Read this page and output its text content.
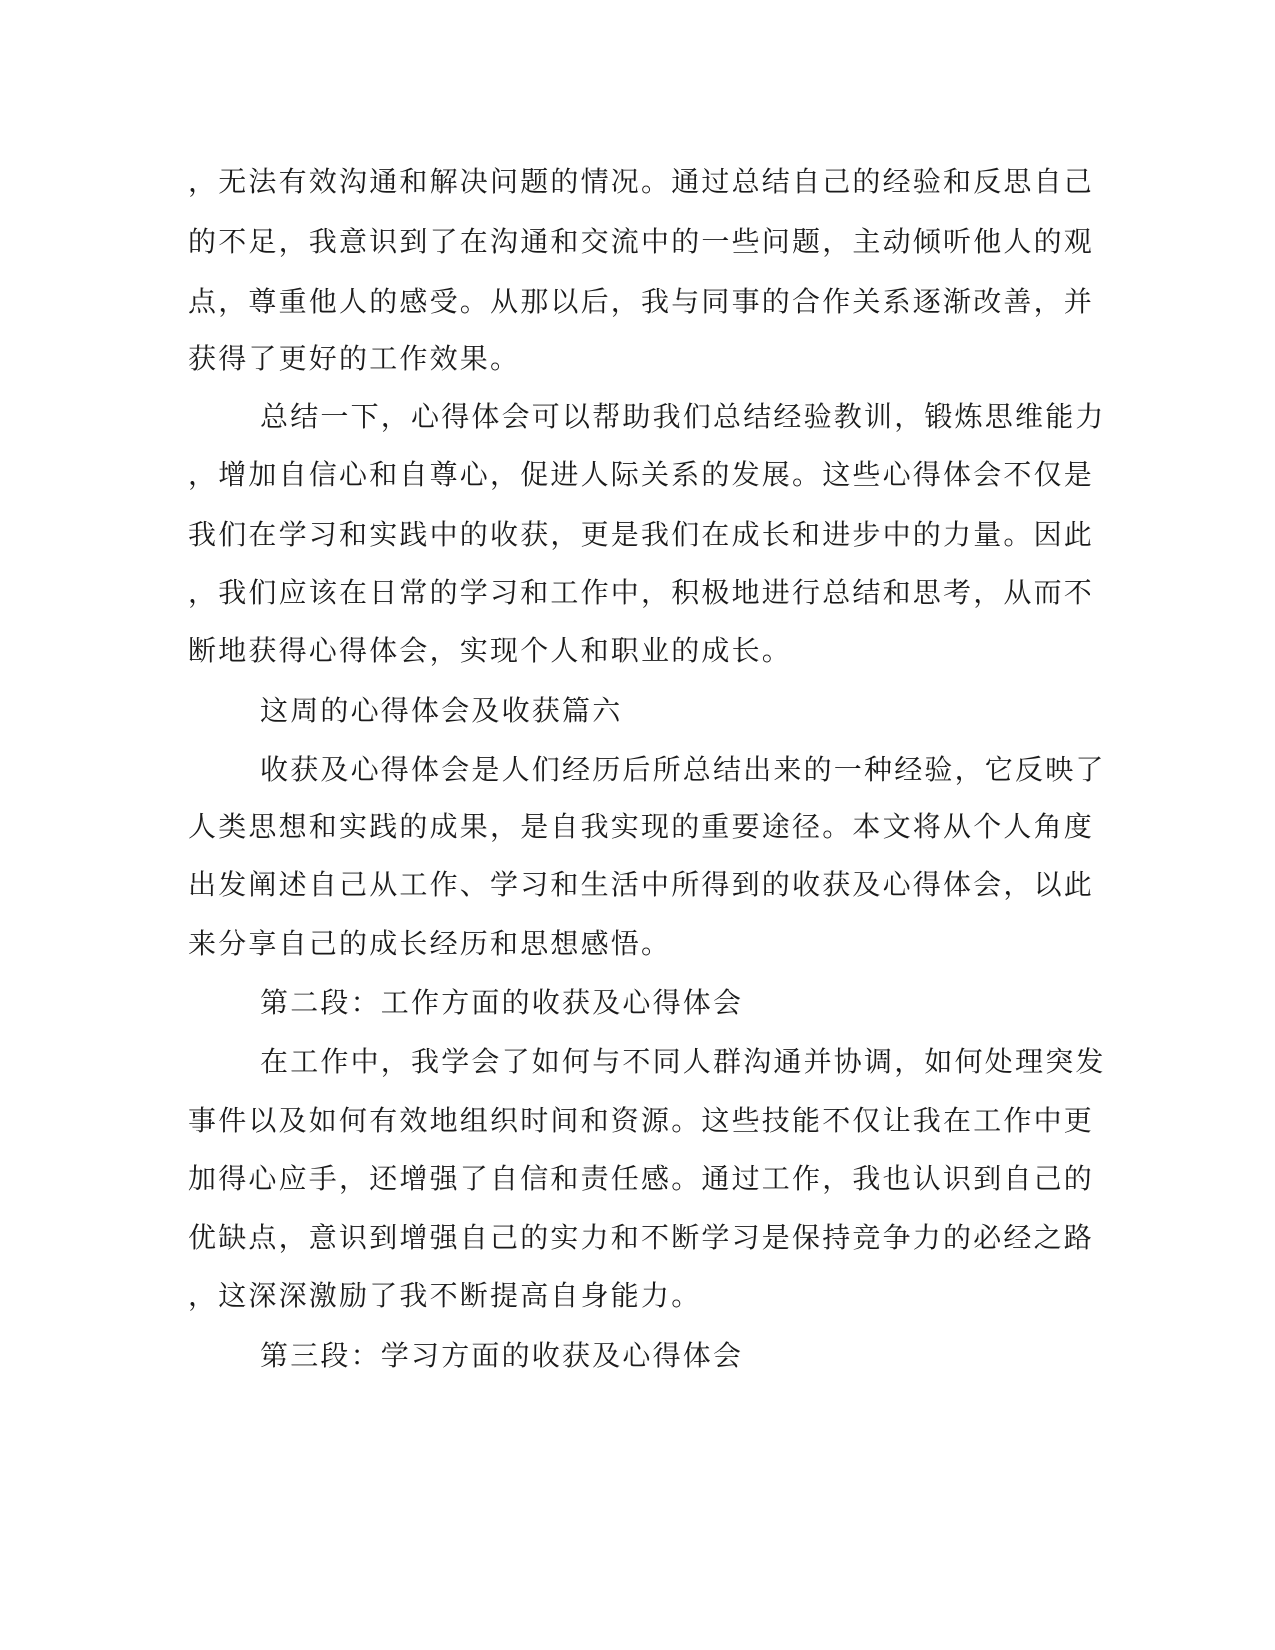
，无法有效沟通和解决问题的情况。通过总结自己的经验和反思自己
的不足，我意识到了在沟通和交流中的一些问题，主动倾听他人的观
点，尊重他人的感受。从那以后，我与同事的合作关系逐渐改善，并
获得了更好的工作效果。
总结一下，心得体会可以帮助我们总结经验教训，锻炼思维能力
，增加自信心和自尊心，促进人际关系的发展。这些心得体会不仅是
我们在学习和实践中的收获，更是我们在成长和进步中的力量。因此
，我们应该在日常的学习和工作中，积极地进行总结和思考，从而不
断地获得心得体会，实现个人和职业的成长。
这周的心得体会及收获篇六
收获及心得体会是人们经历后所总结出来的一种经验，它反映了
人类思想和实践的成果，是自我实现的重要途径。本文将从个人角度
出发阐述自己从工作、学习和生活中所得到的收获及心得体会，以此
来分享自己的成长经历和思想感悟。
第二段：工作方面的收获及心得体会
在工作中，我学会了如何与不同人群沟通并协调，如何处理突发
事件以及如何有效地组织时间和资源。这些技能不仅让我在工作中更
加得心应手，还增强了自信和责任感。通过工作，我也认识到自己的
优缺点，意识到增强自己的实力和不断学习是保持竞争力的必经之路
，这深深激励了我不断提高自身能力。
第三段：学习方面的收获及心得体会
